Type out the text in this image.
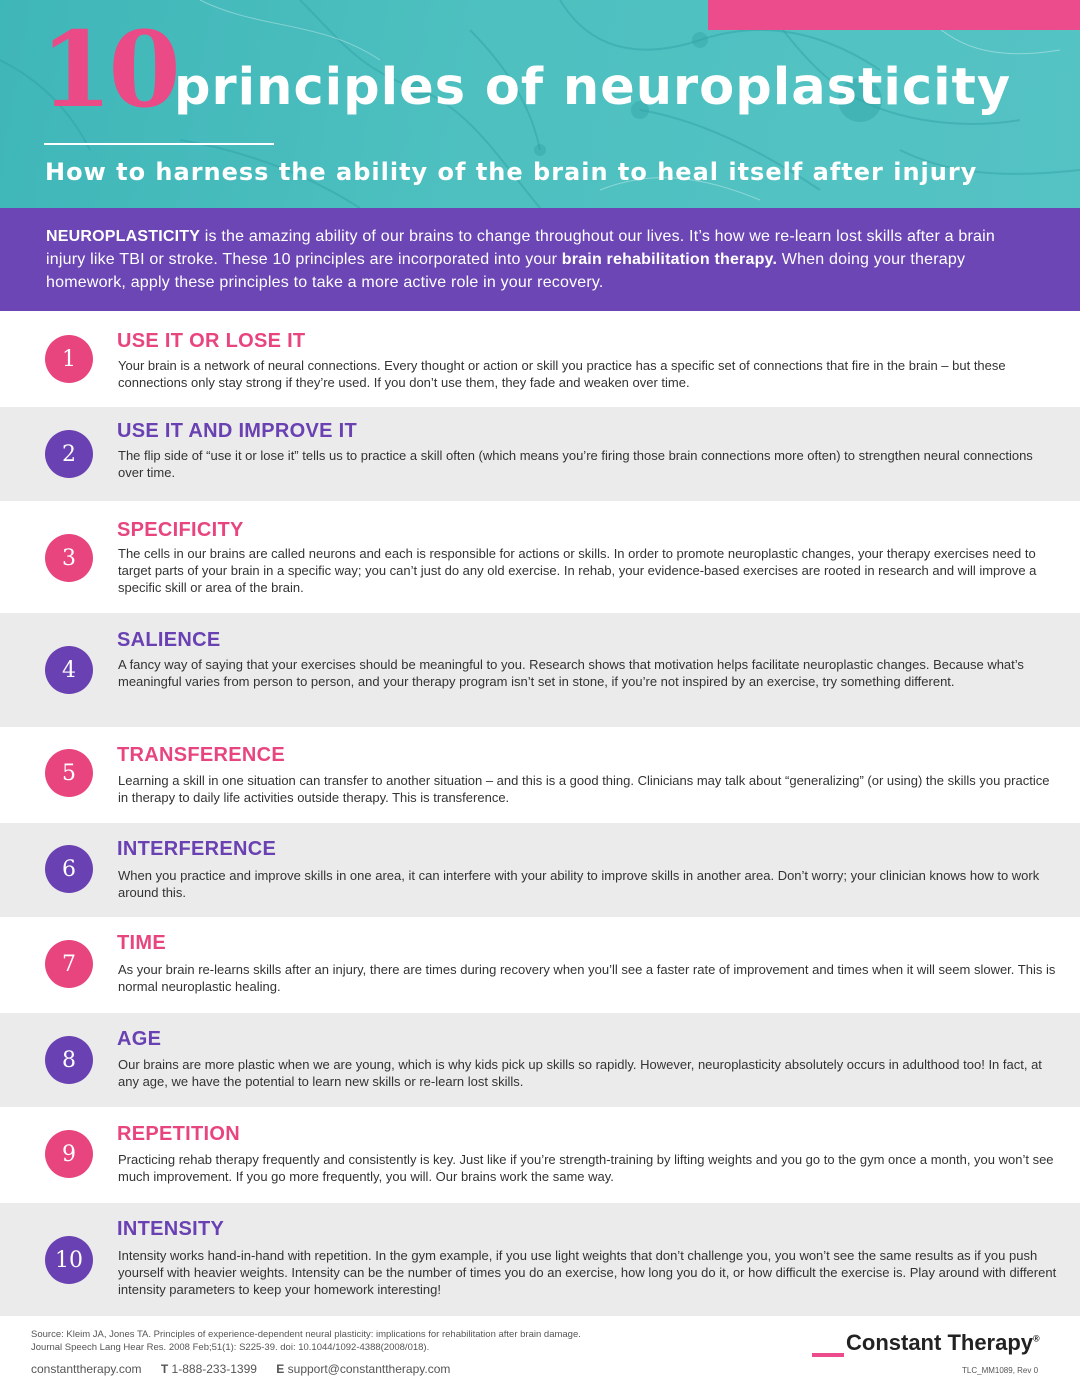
10
principles of neuroplasticity
How to harness the ability of the brain to heal itself after injury
NEUROPLASTICITY is the amazing ability of our brains to change throughout our lives. It’s how we re-learn lost skills after a brain injury like TBI or stroke. These 10 principles are incorporated into your brain rehabilitation therapy. When doing your therapy homework, apply these principles to take a more active role in your recovery.
1
USE IT OR LOSE IT
Your brain is a network of neural connections. Every thought or action or skill you practice has a specific set of connections that fire in the brain – but these connections only stay strong if they’re used. If you don’t use them, they fade and weaken over time.
2
USE IT AND IMPROVE IT
The flip side of “use it or lose it” tells us to practice a skill often (which means you’re firing those brain connections more often) to strengthen neural connections over time.
3
SPECIFICITY
The cells in our brains are called neurons and each is responsible for actions or skills. In order to promote neuroplastic changes, your therapy exercises need to target parts of your brain in a specific way; you can’t just do any old exercise. In rehab, your evidence-based exercises are rooted in research and will improve a specific skill or area of the brain.
4
SALIENCE
A fancy way of saying that your exercises should be meaningful to you. Research shows that motivation helps facilitate neuroplastic changes. Because what’s meaningful varies from person to person, and your therapy program isn’t set in stone, if you’re not inspired by an exercise, try something different.
5
TRANSFERENCE
Learning a skill in one situation can transfer to another situation – and this is a good thing. Clinicians may talk about “generalizing” (or using) the skills you practice in therapy to daily life activities outside therapy. This is transference.
6
INTERFERENCE
When you practice and improve skills in one area, it can interfere with your ability to improve skills in another area. Don’t worry; your clinician knows how to work around this.
7
TIME
As your brain re-learns skills after an injury, there are times during recovery when you’ll see a faster rate of improvement and times when it will seem slower. This is normal neuroplastic healing.
8
AGE
Our brains are more plastic when we are young, which is why kids pick up skills so rapidly. However, neuroplasticity absolutely occurs in adulthood too! In fact, at any age, we have the potential to learn new skills or re-learn lost skills.
9
REPETITION
Practicing rehab therapy frequently and consistently is key. Just like if you’re strength-training by lifting weights and you go to the gym once a month, you won’t see much improvement. If you go more frequently, you will. Our brains work the same way.
10
INTENSITY
Intensity works hand-in-hand with repetition. In the gym example, if you use light weights that don’t challenge you, you won’t see the same results as if you push yourself with heavier weights. Intensity can be the number of times you do an exercise, how long you do it, or how difficult the exercise is. Play around with different intensity parameters to keep your homework interesting!
Source: Kleim JA, Jones TA. Principles of experience-dependent neural plasticity: implications for rehabilitation after brain damage.
Journal Speech Lang Hear Res. 2008 Feb;51(1): S225-39. doi: 10.1044/1092-4388(2008/018).
constanttherapy.com T 1-888-233-1399 E support@constanttherapy.com
Constant Therapy®
TLC_MM1089, Rev 0
